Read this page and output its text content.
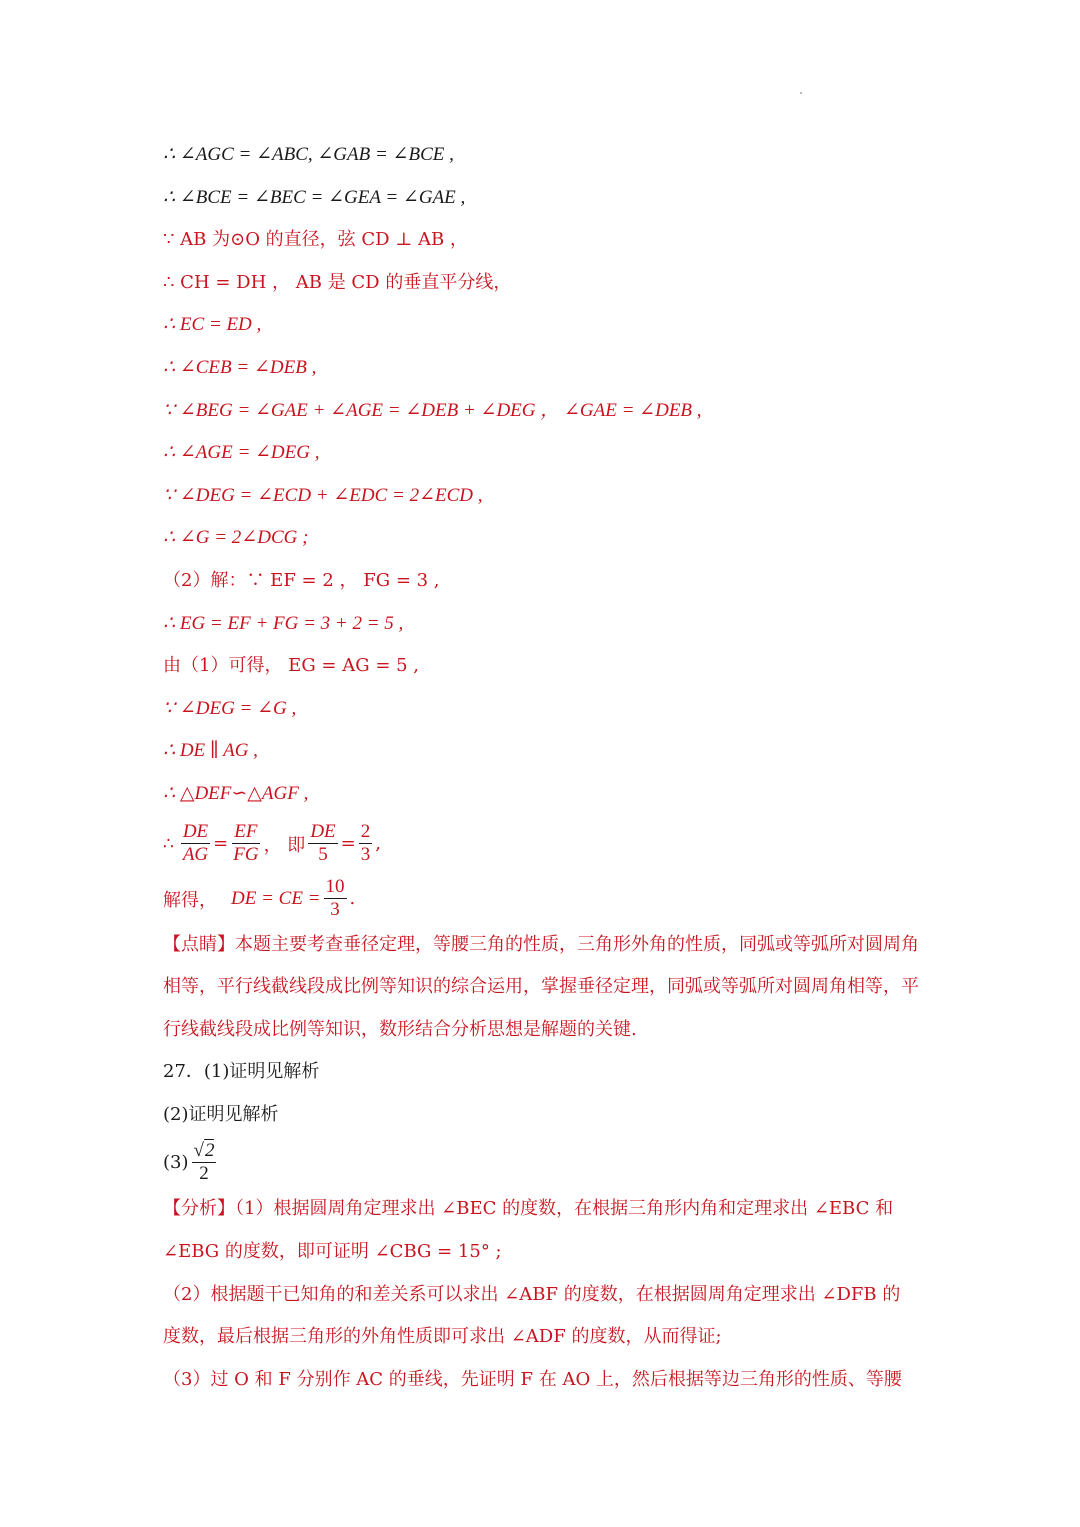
∴ ∠AGC = ∠ABC, ∠GAB = ∠BCE ,
∴ ∠BCE = ∠BEC = ∠GEA = ∠GAE ,
∵ AB 为⊙O 的直径，弦 CD ⊥ AB ，
∴ CH = DH ， AB 是 CD 的垂直平分线，
∴ EC = ED ,
∴ ∠CEB = ∠DEB ,
∵ ∠BEG = ∠GAE + ∠AGE = ∠DEB + ∠DEG ， ∠GAE = ∠DEB ,
∴ ∠AGE = ∠DEG ,
∵ ∠DEG = ∠ECD + ∠EDC = 2∠ECD ,
∴ ∠G = 2∠DCG ;
（2）解：∵ EF = 2 ， FG = 3 ,
∴ EG = EF + FG = 3 + 2 = 5 ,
由（1）可得， EG = AG = 5 ,
∵ ∠DEG = ∠G ,
∴ DE ∥ AG ,
∴ △DEF∽△AGF ,
∴ $\frac{DE}{AG} = \frac{EF}{FG}$ ， 即 $\frac{DE}{5} = \frac{2}{3}$ ,
解得， DE = CE = $\frac{10}{3}$ .
【点睛】本题主要考查垂径定理，等腰三角的性质，三角形外角的性质，同弧或等弧所对圆周角相等，平行线截线段成比例等知识的综合运用，掌握垂径定理，同弧或等弧所对圆周角相等，平行线截线段成比例等知识，数形结合分析思想是解题的关键.
27．(1)证明见解析
(2)证明见解析
$(3) \frac{√2}{2}$
【分析】（1）根据圆周角定理求出 ∠BEC 的度数，在根据三角形内角和定理求出 ∠EBC 和
∠EBG 的度数，即可证明 ∠CBG = 15° ;
（2）根据题干已知角的和差关系可以求出 ∠ABF 的度数，在根据圆周角定理求出 ∠DFB 的
度数，最后根据三角形的外角性质即可求出 ∠ADF 的度数，从而得证;
（3）过 O 和 F 分别作 AC 的垂线，先证明 F 在 AO 上，然后根据等边三角形的性质、等腰
